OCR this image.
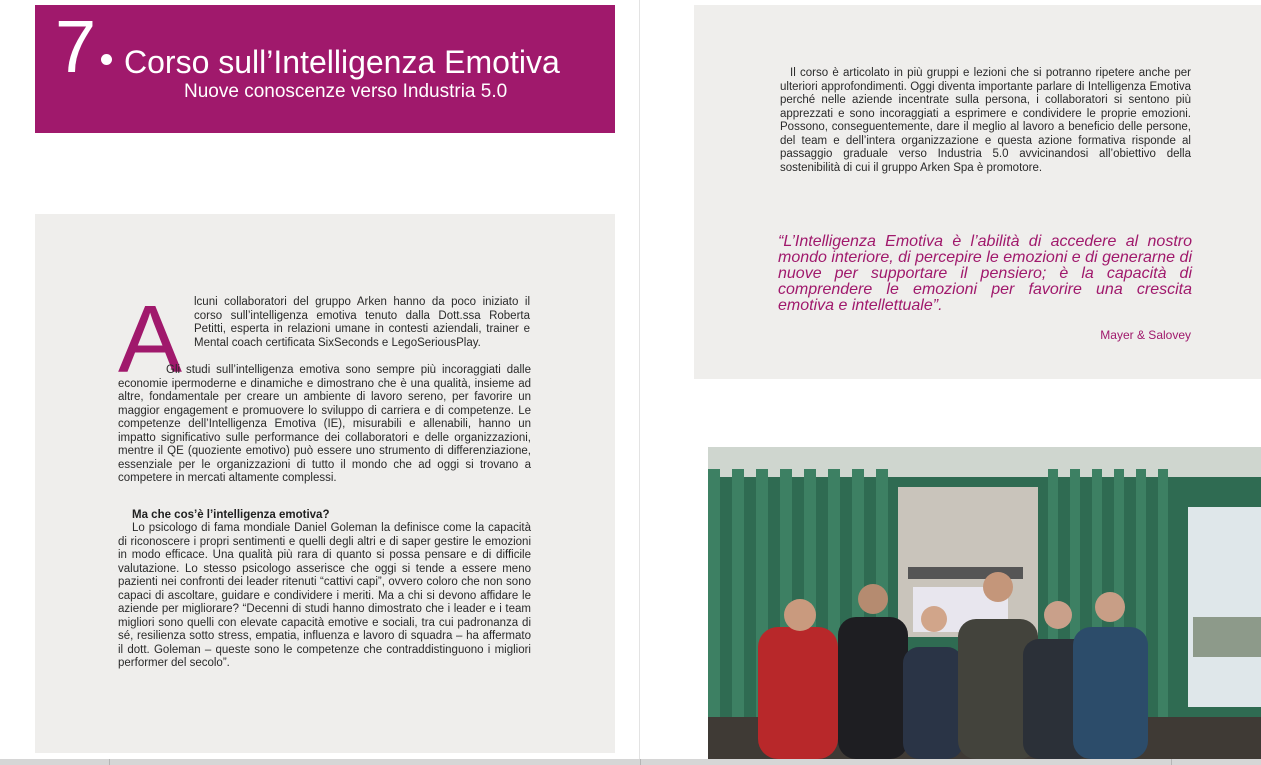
7 Corso sull’Intelligenza Emotiva
Nuove conoscenze verso Industria 5.0
A lcuni collaboratori del gruppo Arken hanno da poco iniziato il corso sull’intelligenza emotiva tenuto dalla Dott.ssa Roberta Petitti, esperta in relazioni umane in contesti aziendali, trainer e Mental coach certificata SixSeconds e LegoSeriousPlay.
Gli studi sull’intelligenza emotiva sono sempre più incoraggiati dalle economie ipermoderne e dinamiche e dimostrano che è una qualità, insieme ad altre, fondamentale per creare un ambiente di lavoro sereno, per favorire un maggior engagement e promuovere lo sviluppo di carriera e di competenze. Le competenze dell’Intelligenza Emotiva (IE), misurabili e allenabili, hanno un impatto significativo sulle performance dei collaboratori e delle organizzazioni, mentre il QE (quoziente emotivo) può essere uno strumento di differenziazione, essenziale per le organizzazioni di tutto il mondo che ad oggi si trovano a competere in mercati altamente complessi.
Ma che cos’è l’intelligenza emotiva?
Lo psicologo di fama mondiale Daniel Goleman la definisce come la capacità di riconoscere i propri sentimenti e quelli degli altri e di saper gestire le emozioni in modo efficace. Una qualità più rara di quanto si possa pensare e di difficile valutazione. Lo stesso psicologo asserisce che oggi si tende a essere meno pazienti nei confronti dei leader ritenuti “cattivi capi”, ovvero coloro che non sono capaci di ascoltare, guidare e condividere i meriti. Ma a chi si devono affidare le aziende per migliorare? “Decenni di studi hanno dimostrato che i leader e i team migliori sono quelli con elevate capacità emotive e sociali, tra cui padronanza di sé, resilienza sotto stress, empatia, influenza e lavoro di squadra – ha affermato il dott. Goleman – queste sono le competenze che contraddistinguono i migliori performer del secolo”.
Il corso è articolato in più gruppi e lezioni che si potranno ripetere anche per ulteriori approfondimenti. Oggi diventa importante parlare di Intelligenza Emotiva perché nelle aziende incentrate sulla persona, i collaboratori si sentono più apprezzati e sono incoraggiati a esprimere e condividere le proprie emozioni. Possono, conseguentemente, dare il meglio al lavoro a beneficio delle persone, del team e dell’intera organizzazione e questa azione formativa risponde al passaggio graduale verso Industria 5.0 avvicinandosi all’obiettivo della sostenibilità di cui il gruppo Arken Spa è promotore.
“L’Intelligenza Emotiva è l’abilità di accedere al nostro mondo interiore, di percepire le emozioni e di generarne di nuove per supportare il pensiero; è la capacità di comprendere le emozioni per favorire una crescita emotiva e intellettuale”.
Mayer & Salovey
